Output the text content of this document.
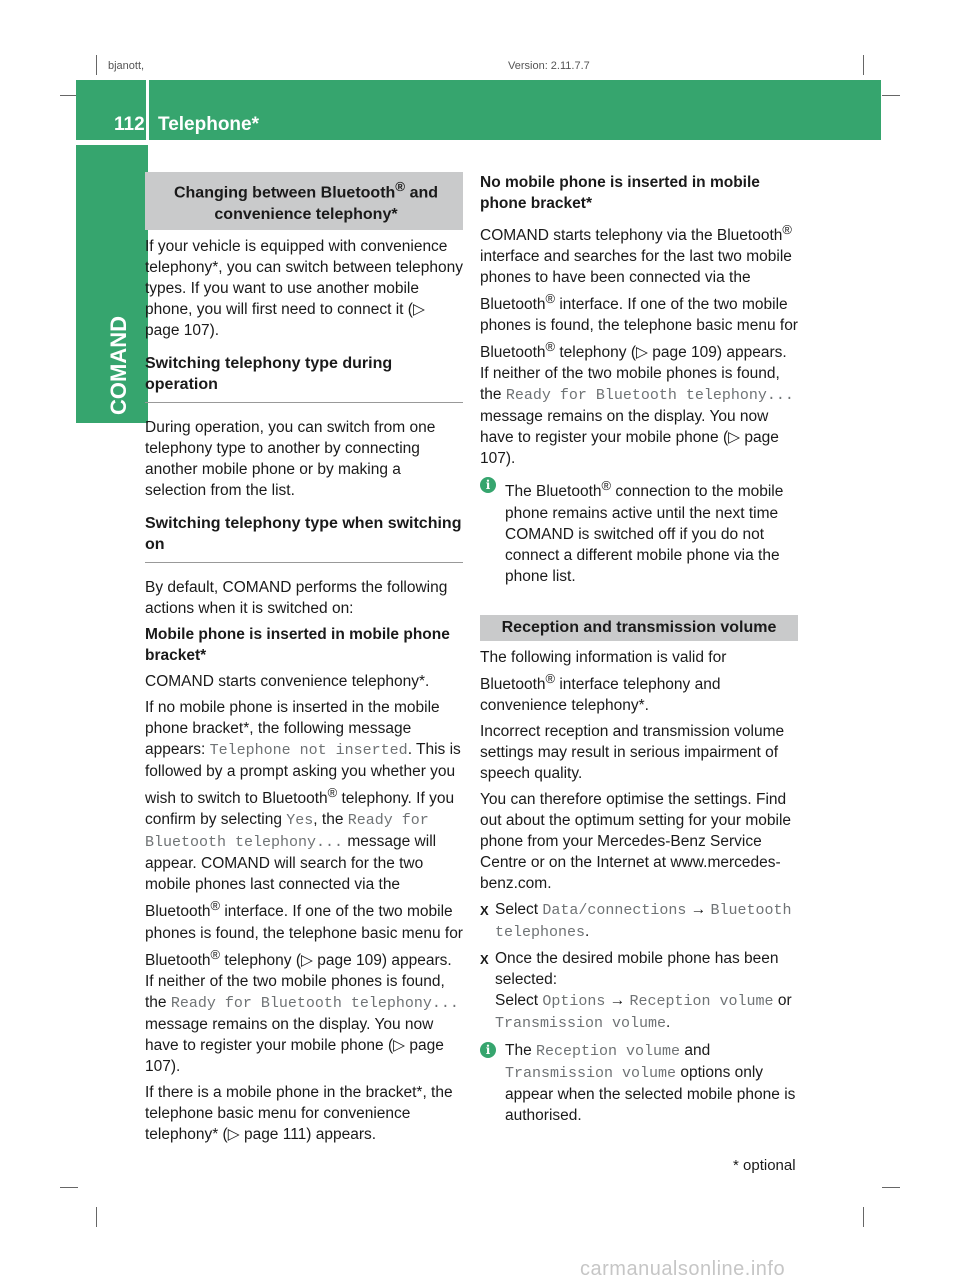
bjanott,	Version: 2.11.7.7
112 Telephone*
COMAND
Changing between Bluetooth® and convenience telephony*

If your vehicle is equipped with convenience telephony*, you can switch between telephony types. If you want to use another mobile phone, you will first need to connect it (▷ page 107).

Switching telephony type during operation

During operation, you can switch from one telephony type to another by connecting another mobile phone or by making a selection from the list.

Switching telephony type when switching on

By default, COMAND performs the following actions when it is switched on:

Mobile phone is inserted in mobile phone bracket*

COMAND starts convenience telephony*.

If no mobile phone is inserted in the mobile phone bracket*, the following message appears: Telephone not inserted. This is followed by a prompt asking you whether you wish to switch to Bluetooth® telephony. If you confirm by selecting Yes, the Ready for Bluetooth telephony... message will appear. COMAND will search for the two mobile phones last connected via the Bluetooth® interface. If one of the two mobile phones is found, the telephone basic menu for Bluetooth® telephony (▷ page 109) appears. If neither of the two mobile phones is found, the Ready for Bluetooth telephony... message remains on the display. You now have to register your mobile phone (▷ page 107).

If there is a mobile phone in the bracket*, the telephone basic menu for convenience telephony* (▷ page 111) appears.

No mobile phone is inserted in mobile phone bracket*

COMAND starts telephony via the Bluetooth® interface and searches for the last two mobile phones to have been connected via the Bluetooth® interface. If one of the two mobile phones is found, the telephone basic menu for Bluetooth® telephony (▷ page 109) appears. If neither of the two mobile phones is found, the Ready for Bluetooth telephony... message remains on the display. You now have to register your mobile phone (▷ page 107).

i The Bluetooth® connection to the mobile phone remains active until the next time COMAND is switched off if you do not connect a different mobile phone via the phone list.
Reception and transmission volume

The following information is valid for Bluetooth® interface telephony and convenience telephony*.

Incorrect reception and transmission volume settings may result in serious impairment of speech quality.

You can therefore optimise the settings. Find out about the optimum setting for your mobile phone from your Mercedes-Benz Service Centre or on the Internet at www.mercedes-benz.com.

X Select Data/connections → Bluetooth telephones.
X Once the desired mobile phone has been selected:
Select Options → Reception volume or Transmission volume.
i The Reception volume and Transmission volume options only appear when the selected mobile phone is authorised.
* optional
carmanualsonline.info
